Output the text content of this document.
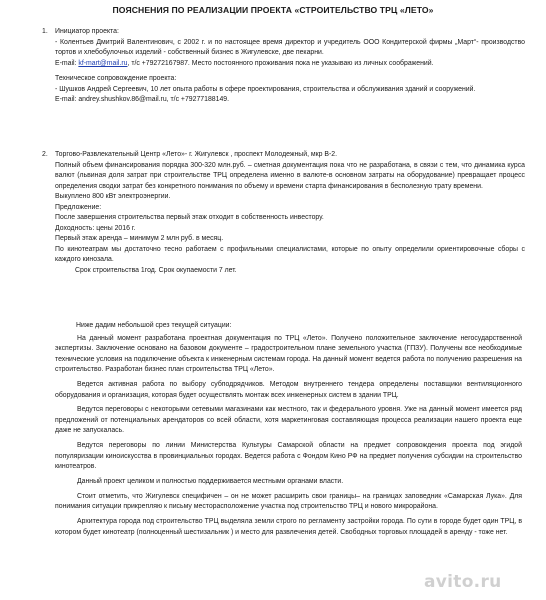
ПОЯСНЕНИЯ ПО РЕАЛИЗАЦИИ ПРОЕКТА «СТРОИТЕЛЬСТВО ТРЦ «ЛЕТО»
1. Инициатор проекта:

- Колентьев Дмитрий Валентинович, с 2002 г. и по настоящее время директор и учредитель ООО Кондитерской фирмы „Март“- производство тортов и хлебобулочных изделий - собственный бизнес в Жигулевске, две пекарни.

E-mail: kf-mart@mail.ru, т/с +79272167987. Место постоянного проживания пока не указываю из личных соображений.

Техническое сопровождение проекта:

- Шушков Андрей Сергеевич, 10 лет опыта работы в сфере проектирования, строительства и обслуживания зданий и сооружений.

E-mail: andrey.shushkov.86@mail.ru, т/с +79277188149.

2. Торгово-Развлекательный Центр «Лето»- г. Жигулевск , проспект Молодежный, мкр В-2.

Полный объем финансирования порядка 300-320 млн.руб. – сметная документация пока что не разработана, в связи с тем, что динамика курса валют (львиная доля затрат при строительстве ТРЦ определена именно в валюте-в основном затраты на оборудование) превращает процесс определения сводки затрат без конкретного понимания по объему и времени старта финансирования в бесполезную трату времени.

Выкуплено 800 кВт электроэнергии.

Предложение:

После завершения строительства первый этаж отходит в собственность инвестору.

Доходность: цены 2016 г.

Первый этаж аренда – минимум 2 млн руб. в месяц.

По кинотеатрам мы достаточно тесно работаем с профильными специалистами, которые по опыту определили ориентировочные сборы с каждого кинозала.

Срок строительства 1год. Срок окупаемости 7 лет.

Ниже дадим небольшой срез текущей ситуации:

На данный момент разработана проектная документация по ТРЦ «Лето». Получено положительное заключение негосударственной экспертизы. Заключение основано на базовом документе – градостроительном плане земельного участка (ГПЗУ). Получены все необходимые технические условия на подключение объекта к инженерным системам города. На данный момент ведется работа по получению разрешения на строительство. Разработан бизнес план строительства ТРЦ «Лето».

Ведется активная работа по выбору субподрядчиков. Методом внутреннего тендера определены поставщики вентиляционного оборудования и организация, которая будет осуществлять монтаж всех инженерных систем в здании ТРЦ.

Ведутся переговоры с некоторыми сетевыми магазинами как местного, так и федерального уровня. Уже на данный момент имеется ряд предложений от потенциальных арендаторов со всей области, хотя маркетинговая составляющая процесса реализации нашего проекта еще даже не запускалась.

Ведутся переговоры по линии Министерства Культуры Самарской области на предмет сопровождения проекта под эгидой популяризации киноискусства в провинциальных городах. Ведется работа с Фондом Кино РФ на предмет получения субсидии на строительство кинотеатров.

Данный проект целиком и полностью поддерживается местными органами власти.

Стоит отметить, что Жигулевск специфичен – он не может расширить свои границы– на границах заповедник «Самарская Лука». Для понимания ситуации прикрепляю к письму месторасположение участка под строительство ТРЦ и нового микрорайона.

Архитектура города под строительство ТРЦ выделяла земли строго по регламенту застройки города. По сути в городе будет один ТРЦ, в котором будет кинотеатр (полноценный шестизальник ) и место для развлечения детей. Свободных торговых площадей в аренду - тоже нет.

avito.ru
